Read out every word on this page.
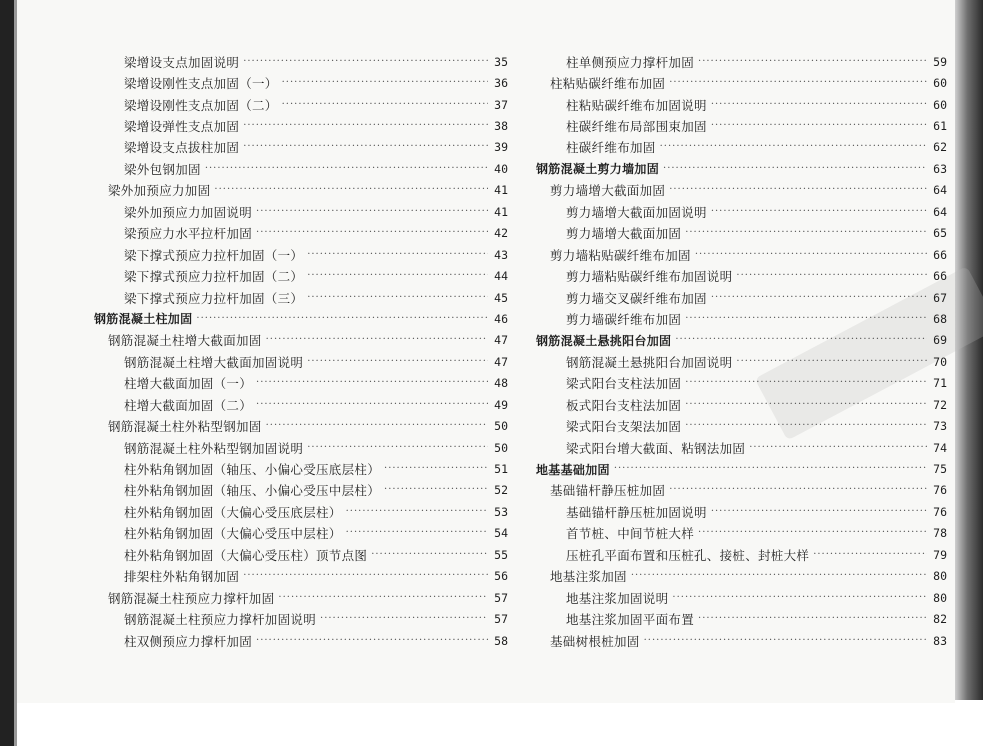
梁增设支点加固说明 ·····	35
梁增设刚性支点加固（一） ·····	36
梁增设刚性支点加固（二） ·····	37
梁增设弹性支点加固 ·····	38
梁增设支点拔柱加固 ·····	39
梁外包钢加固 ·····	40
梁外加预应力加固 ·····	41
梁外加预应力加固说明 ·····	41
梁预应力水平拉杆加固 ·····	42
梁下撑式预应力拉杆加固（一） ·····	43
梁下撑式预应力拉杆加固（二） ·····	44
梁下撑式预应力拉杆加固（三） ·····	45
钢筋混凝土柱加固 ·····	46
钢筋混凝土柱增大截面加固 ·····	47
钢筋混凝土柱增大截面加固说明 ·····	47
柱增大截面加固（一） ·····	48
柱增大截面加固（二） ·····	49
钢筋混凝土柱外粘型钢加固 ·····	50
钢筋混凝土柱外粘型钢加固说明 ·····	50
柱外粘角钢加固（轴压、小偏心受压底层柱） ·····	51
柱外粘角钢加固（轴压、小偏心受压中层柱） ·····	52
柱外粘角钢加固（大偏心受压底层柱） ·····	53
柱外粘角钢加固（大偏心受压中层柱） ·····	54
柱外粘角钢加固（大偏心受压柱）顶节点图 ·····	55
排架柱外粘角钢加固 ·····	56
钢筋混凝土柱预应力撑杆加固 ·····	57
钢筋混凝土柱预应力撑杆加固说明 ·····	57
柱双侧预应力撑杆加固 ·····	58
柱单侧预应力撑杆加固 ·····	59
柱粘贴碳纤维布加固 ·····	60
柱粘贴碳纤维布加固说明 ·····	60
柱碳纤维布局部围束加固 ·····	61
柱碳纤维布加固 ·····	62
钢筋混凝土剪力墙加固 ·····	63
剪力墙增大截面加固 ·····	64
剪力墙增大截面加固说明 ·····	64
剪力墙增大截面加固 ·····	65
剪力墙粘贴碳纤维布加固 ·····	66
剪力墙粘贴碳纤维布加固说明 ·····	66
剪力墙交叉碳纤维布加固 ·····	67
剪力墙碳纤维布加固 ·····	68
钢筋混凝土悬挑阳台加固 ·····	69
钢筋混凝土悬挑阳台加固说明 ·····	70
梁式阳台支柱法加固 ·····	71
板式阳台支柱法加固 ·····	72
梁式阳台支架法加固 ·····	73
梁式阳台增大截面、粘钢法加固 ·····	74
地基基础加固 ·····	75
基础锚杆静压桩加固 ·····	76
基础锚杆静压桩加固说明 ·····	76
首节桩、中间节桩大样 ·····	78
压桩孔平面布置和压桩孔、接桩、封桩大样 ·····	79
地基注浆加固 ·····	80
地基注浆加固说明 ·····	80
地基注浆加固平面布置 ·····	82
基础树根桩加固 ·····	83
